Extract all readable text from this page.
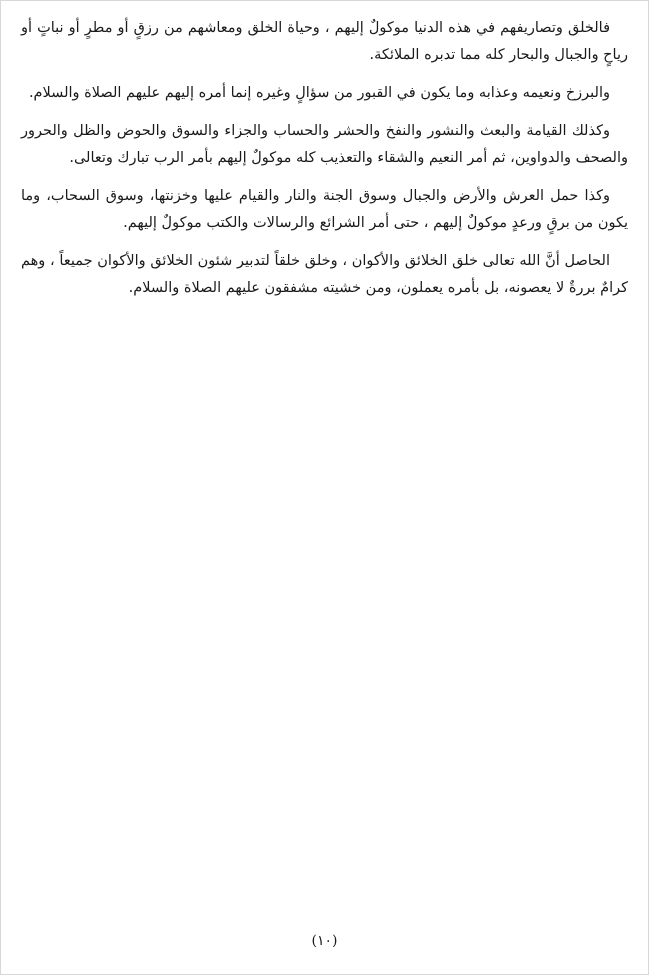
فالخلق وتصاريفهم في هذه الدنيا موكولٌ إليهم ، وحياة الخلق ومعاشهم من رزقٍ أو مطرٍ أو نباتٍ أو رياحٍ والجبال والبحار كله مما تدبره الملائكة.

والبرزخ ونعيمه وعذابه وما يكون في القبور من سؤالٍ وغيره إنما أمره إليهم عليهم الصلاة والسلام.

وكذلك القيامة والبعث والنشور والنفخ والحشر والحساب والجزاء والسوق والحوض والظل والحرور والصحف والدواوين، ثم أمر النعيم والشقاء والتعذيب كله موكولٌ إليهم بأمر الرب تبارك وتعالى.

وكذا حمل العرش والأرض والجبال وسوق الجنة والنار والقيام عليها وخزنتها، وسوق السحاب، وما يكون من برقٍ ورعدٍ موكولٌ إليهم ، حتى أمر الشرائع والرسالات والكتب موكولٌ إليهم.

الحاصل أنَّ الله تعالى خلق الخلائق والأكوان ، وخلق خلقاً لتدبير شئون الخلائق والأكوان جميعاً ، وهم كرامٌ بررةٌ لا يعصونه، بل بأمره يعملون، ومن خشيته مشفقون عليهم الصلاة والسلام.

(١٠)
